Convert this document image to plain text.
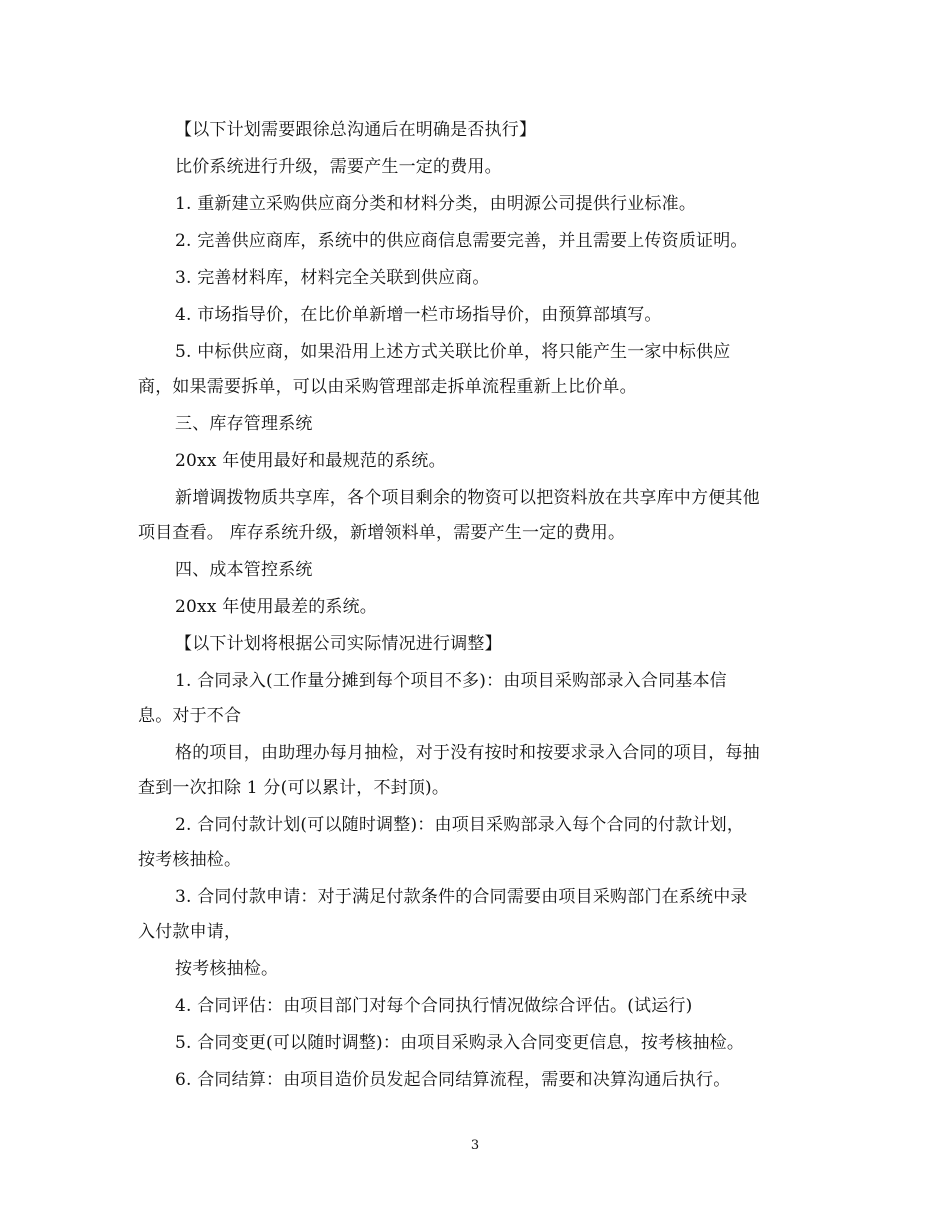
【以下计划需要跟徐总沟通后在明确是否执行】
比价系统进行升级，需要产生一定的费用。
1. 重新建立采购供应商分类和材料分类，由明源公司提供行业标准。
2. 完善供应商库，系统中的供应商信息需要完善，并且需要上传资质证明。
3. 完善材料库，材料完全关联到供应商。
4. 市场指导价，在比价单新增一栏市场指导价，由预算部填写。
5. 中标供应商，如果沿用上述方式关联比价单，将只能产生一家中标供应
商，如果需要拆单，可以由采购管理部走拆单流程重新上比价单。
三、库存管理系统
20xx 年使用最好和最规范的系统。
新增调拨物质共享库，各个项目剩余的物资可以把资料放在共享库中方便其他
项目查看。 库存系统升级，新增领料单，需要产生一定的费用。
四、成本管控系统
20xx 年使用最差的系统。
【以下计划将根据公司实际情况进行调整】
1. 合同录入(工作量分摊到每个项目不多)：由项目采购部录入合同基本信
息。对于不合
格的项目，由助理办每月抽检，对于没有按时和按要求录入合同的项目，每抽
查到一次扣除 1 分(可以累计，不封顶)。
2. 合同付款计划(可以随时调整)：由项目采购部录入每个合同的付款计划，
按考核抽检。
3. 合同付款申请：对于满足付款条件的合同需要由项目采购部门在系统中录
入付款申请，
按考核抽检。
4. 合同评估：由项目部门对每个合同执行情况做综合评估。(试运行)
5. 合同变更(可以随时调整)：由项目采购录入合同变更信息，按考核抽检。
6. 合同结算：由项目造价员发起合同结算流程，需要和决算沟通后执行。
3
